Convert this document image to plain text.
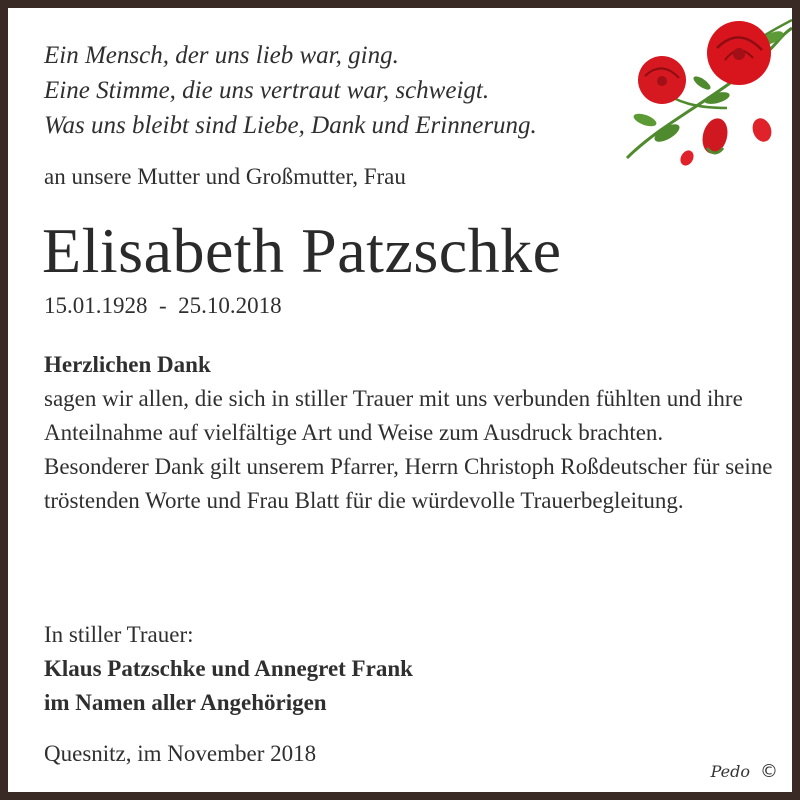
Ein Mensch, der uns lieb war, ging.
Eine Stimme, die uns vertraut war, schweigt.
Was uns bleibt sind Liebe, Dank und Erinnerung.
an unsere Mutter und Großmutter, Frau
Elisabeth Patzschke
15.01.1928  -  25.10.2018
Herzlichen Dank
sagen wir allen, die sich in stiller Trauer mit uns verbunden fühlten und ihre Anteilnahme auf vielfältige Art und Weise zum Ausdruck brachten.
Besonderer Dank gilt unserem Pfarrer, Herrn Christoph Roßdeutscher für seine tröstenden Worte und Frau Blatt für die würdevolle Trauerbegleitung.
In stiller Trauer:
Klaus Patzschke und Annegret Frank
im Namen aller Angehörigen
Quesnitz, im November 2018
Pedo ©
